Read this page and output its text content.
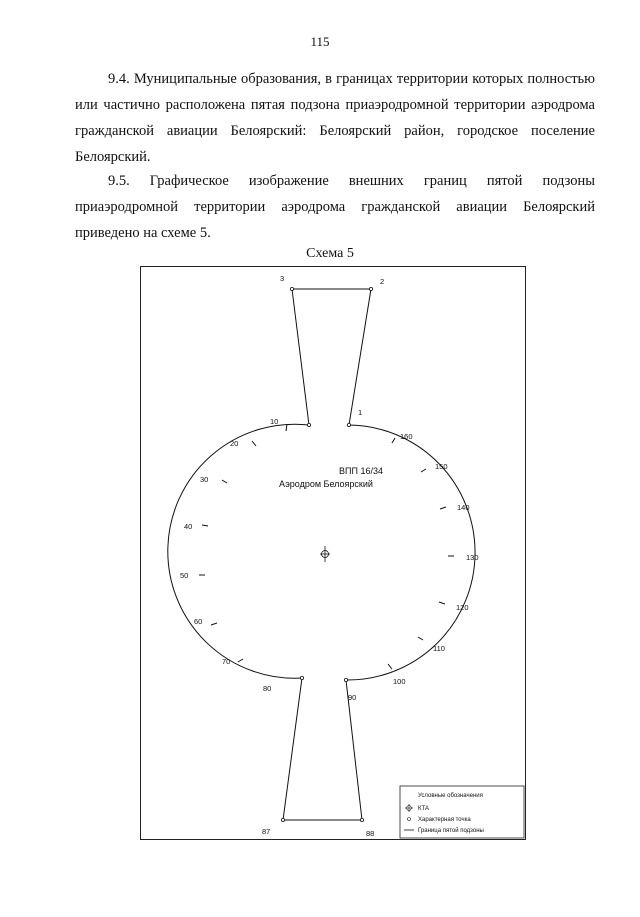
115
9.4. Муниципальные образования, в границах территории которых полностью
или частично расположена пятая подзона приаэродромной территории аэродрома
гражданской авиации Белоярский: Белоярский район, городское поселение
Белоярский.
9.5. Графическое изображение внешних границ пятой подзоны
приаэродромной территории аэродрома гражданской авиации Белоярский
приведено на схеме 5.
Схема 5
3	2
1
10
160
20
150
30
140
40
130
50
120
60
110
70
100
80
90
87	88
ВПП 16/34
Аэродром Белоярский
Условные обозначения
КТА
Характерная точка
Граница пятой подзоны
